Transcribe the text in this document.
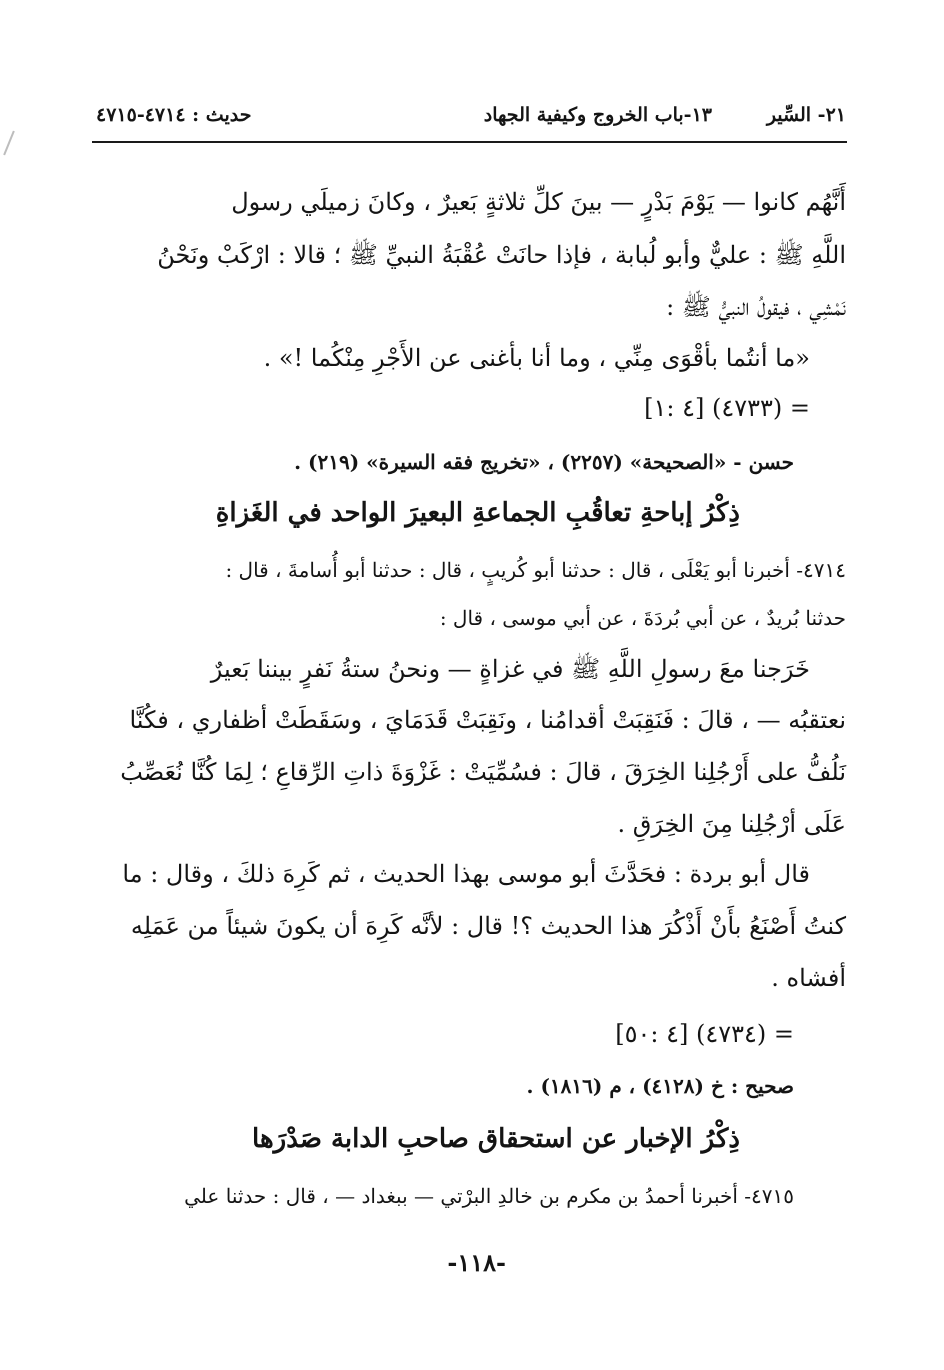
٢١- السِّير
١٣-باب الخروج وكيفية الجهاد
حديث : ٤٧١٤-٤٧١٥
أَنَّهُم كانوا — يَوْمَ بَدْرٍ — بينَ كلِّ ثلاثةٍ بَعيرٌ ، وكانَ زميلَي رسول
اللَّهِ ﷺ : عليٌّ وأبو لُبابة ، فإذا حانَتْ عُقْبَةُ النبيِّ ﷺ ؛ قالا : ارْكَبْ ونَحْنُ
نَمْشِي ، فيقولُ النبيُّ ﷺ :
«ما أنتُما بأقْوَى مِنِّي ، وما أنا بأغنى عن الأَجْرِ مِنْكُما !» .
= (٤٧٣٣) [٤ :١]
حسن - «الصحيحة» (٢٢٥٧) ، «تخريج فقه السيرة» (٢١٩) .
ذِكْرُ إباحةِ تعاقُبِ الجماعةِ البعيرَ الواحد في الغَزاةِ
٤٧١٤- أخبرنا أبو يَعْلَى ، قال : حدثنا أبو كُريبٍ ، قال : حدثنا أبو أُسامةَ ، قال :
حدثنا بُريدٌ ، عن أبي بُردَةَ ، عن أبي موسى ، قال :
خَرَجنا معَ رسولِ اللَّهِ ﷺ في غزاةٍ — ونحنُ ستةُ نَفرٍ بيننا بَعيرٌ
نعتقبُه — ، قالَ : فَنَقِبَتْ أقدامُنا ، ونَقِبَتْ قَدَمَايَ ، وسَقَطَتْ أظفاري ، فكُنَّا
نَلُفُّ على أَرْجُلِنا الخِرَقَ ، قالَ : فسُمِّيَتْ : غَزْوَةَ ذاتِ الرِّقاعِ ؛ لِمَا كُنَّا نُعَصِّبُ
عَلَى أرْجُلِنا مِنَ الخِرَقِ .
قال أبو بردة : فحَدَّثَ أبو موسى بهذا الحديث ، ثم كَرِهَ ذلكَ ، وقال : ما
كنتُ أَصْنَعُ بأَنْ أَذْكُرَ هذا الحديث ؟! قال : لأنَّه كَرِهَ أن يكونَ شيئاً من عَمَلِه
أفشاه .
= (٤٧٣٤) [٤ :٥٠]
صحيح : خ (٤١٢٨) ، م (١٨١٦) .
ذِكْرُ الإخبار عن استحقاق صاحبِ الدابة صَدْرَها
٤٧١٥- أخبرنا أحمدُ بن مكرم بن خالدِ البرْتي — ببغداد — ، قال : حدثنا علي
-١١٨-
